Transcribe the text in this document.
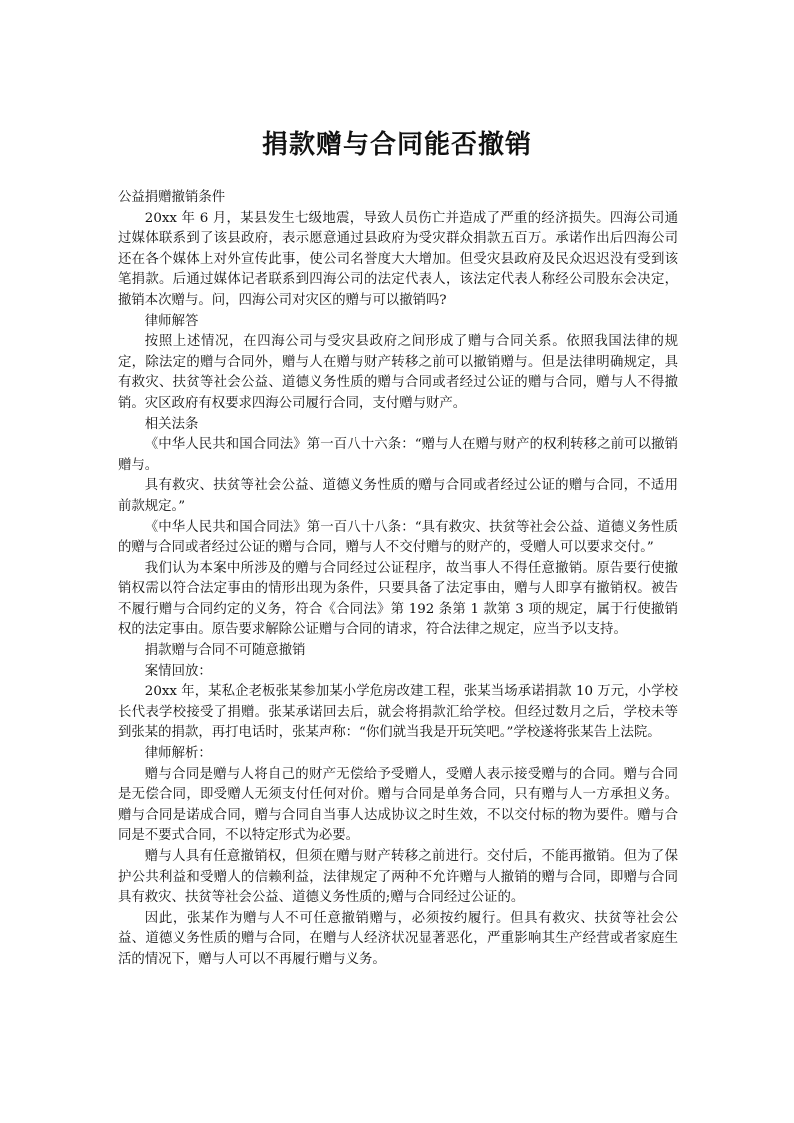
捐款赠与合同能否撤销

公益捐赠撤销条件

20xx 年 6 月，某县发生七级地震，导致人员伤亡并造成了严重的经济损失。四海公司通过媒体联系到了该县政府，表示愿意通过县政府为受灾群众捐款五百万。承诺作出后四海公司还在各个媒体上对外宣传此事，使公司名誉度大大增加。但受灾县政府及民众迟迟没有受到该笔捐款。后通过媒体记者联系到四海公司的法定代表人，该法定代表人称经公司股东会决定，撤销本次赠与。问，四海公司对灾区的赠与可以撤销吗?

律师解答

按照上述情况，在四海公司与受灾县政府之间形成了赠与合同关系。依照我国法律的规定，除法定的赠与合同外，赠与人在赠与财产转移之前可以撤销赠与。但是法律明确规定，具有救灾、扶贫等社会公益、道德义务性质的赠与合同或者经过公证的赠与合同，赠与人不得撤销。灾区政府有权要求四海公司履行合同，支付赠与财产。

相关法条

《中华人民共和国合同法》第一百八十六条：“赠与人在赠与财产的权利转移之前可以撤销赠与。

具有救灾、扶贫等社会公益、道德义务性质的赠与合同或者经过公证的赠与合同，不适用前款规定。”

《中华人民共和国合同法》第一百八十八条：“具有救灾、扶贫等社会公益、道德义务性质的赠与合同或者经过公证的赠与合同，赠与人不交付赠与的财产的，受赠人可以要求交付。”

我们认为本案中所涉及的赠与合同经过公证程序，故当事人不得任意撤销。原告要行使撤销权需以符合法定事由的情形出现为条件，只要具备了法定事由，赠与人即享有撤销权。被告不履行赠与合同约定的义务，符合《合同法》第 192 条第 1 款第 3 项的规定，属于行使撤销权的法定事由。原告要求解除公证赠与合同的请求，符合法律之规定，应当予以支持。

捐款赠与合同不可随意撤销

案情回放：

20xx 年，某私企老板张某参加某小学危房改建工程，张某当场承诺捐款 10 万元，小学校长代表学校接受了捐赠。张某承诺回去后，就会将捐款汇给学校。但经过数月之后，学校未等到张某的捐款，再打电话时，张某声称：“你们就当我是开玩笑吧。”学校遂将张某告上法院。

律师解析：

赠与合同是赠与人将自己的财产无偿给予受赠人，受赠人表示接受赠与的合同。赠与合同是无偿合同，即受赠人无须支付任何对价。赠与合同是单务合同，只有赠与人一方承担义务。赠与合同是诺成合同，赠与合同自当事人达成协议之时生效，不以交付标的物为要件。赠与合同是不要式合同，不以特定形式为必要。

赠与人具有任意撤销权，但须在赠与财产转移之前进行。交付后，不能再撤销。但为了保护公共利益和受赠人的信赖利益，法律规定了两种不允许赠与人撤销的赠与合同，即赠与合同具有救灾、扶贫等社会公益、道德义务性质的;赠与合同经过公证的。

因此，张某作为赠与人不可任意撤销赠与，必须按约履行。但具有救灾、扶贫等社会公益、道德义务性质的赠与合同，在赠与人经济状况显著恶化，严重影响其生产经营或者家庭生活的情况下，赠与人可以不再履行赠与义务。
